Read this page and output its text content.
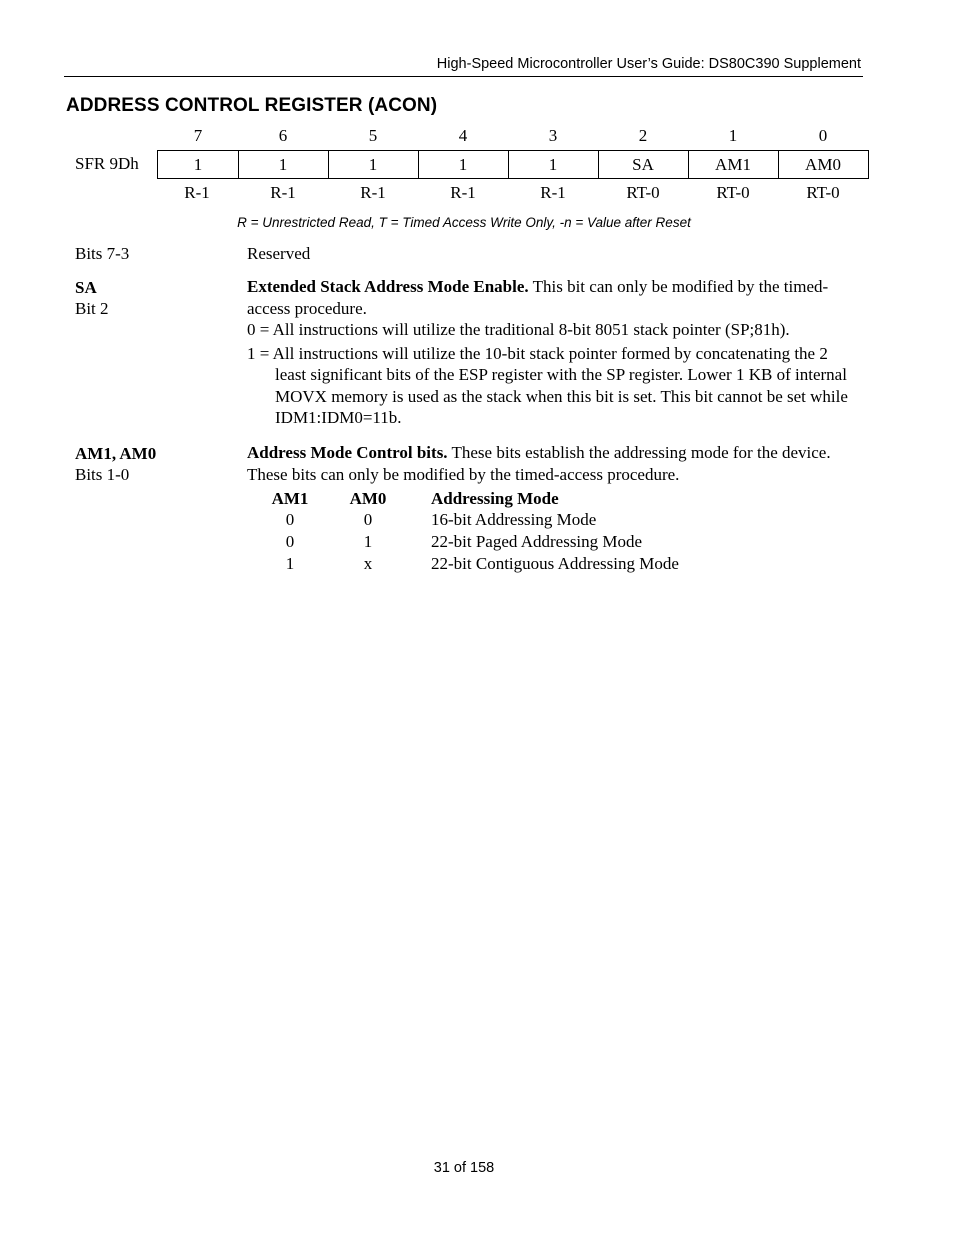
High-Speed Microcontroller User’s Guide: DS80C390 Supplement
ADDRESS CONTROL REGISTER (ACON)
7	6	5	4	3	2	1	0
SFR 9Dh	1	1	1	1	1	SA	AM1	AM0
R-1	R-1	R-1	R-1	R-1	RT-0	RT-0	RT-0
R = Unrestricted Read, T = Timed Access Write Only, -n = Value after Reset
Bits 7-3	Reserved
SA
Bit 2

Extended Stack Address Mode Enable. This bit can only be modified by the timed-access procedure.

0 = All instructions will utilize the traditional 8-bit 8051 stack pointer (SP;81h).

1 = All instructions will utilize the 10-bit stack pointer formed by concatenating the 2 least significant bits of the ESP register with the SP register. Lower 1 KB of internal MOVX memory is used as the stack when this bit is set. This bit cannot be set while IDM1:IDM0=11b.

AM1, AM0
Bits 1-0

Address Mode Control bits. These bits establish the addressing mode for the device. These bits can only be modified by the timed-access procedure.

AM1	AM0	Addressing Mode
0	0	16-bit Addressing Mode
0	1	22-bit Paged Addressing Mode
1	x	22-bit Contiguous Addressing Mode
31 of 158
